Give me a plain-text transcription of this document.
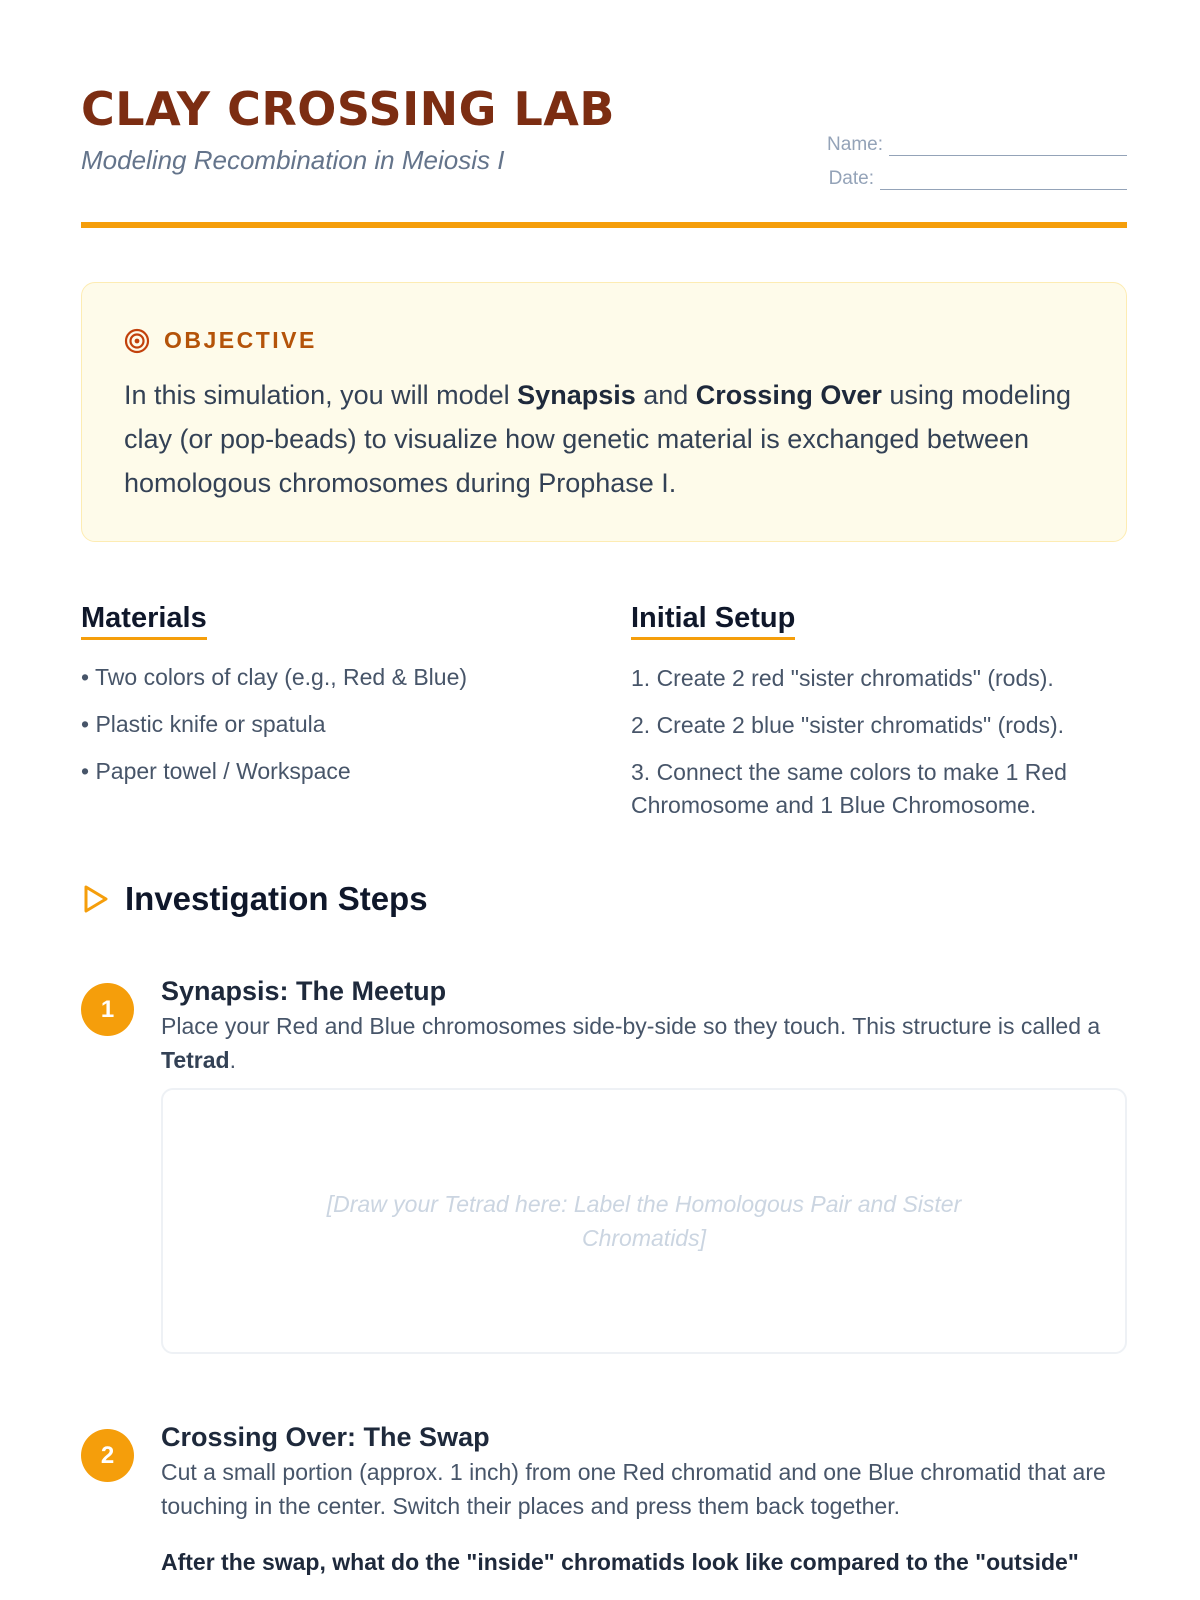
CLAY CROSSING LAB
Modeling Recombination in Meiosis I
Name:
Date:
OBJECTIVE

In this simulation, you will model Synapsis and Crossing Over using modeling clay (or pop-beads) to visualize how genetic material is exchanged between homologous chromosomes during Prophase I.

Materials
• Two colors of clay (e.g., Red & Blue)
• Plastic knife or spatula
• Paper towel / Workspace
Initial Setup
1. Create 2 red "sister chromatids" (rods).
2. Create 2 blue "sister chromatids" (rods).
3. Connect the same colors to make 1 Red Chromosome and 1 Blue Chromosome.
Investigation Steps
1
Synapsis: The Meetup
Place your Red and Blue chromosomes side-by-side so they touch. This structure is called a Tetrad.
[Draw your Tetrad here: Label the Homologous Pair and Sister Chromatids]
2
Crossing Over: The Swap
Cut a small portion (approx. 1 inch) from one Red chromatid and one Blue chromatid that are touching in the center. Switch their places and press them back together.
After the swap, what do the "inside" chromatids look like compared to the "outside"
